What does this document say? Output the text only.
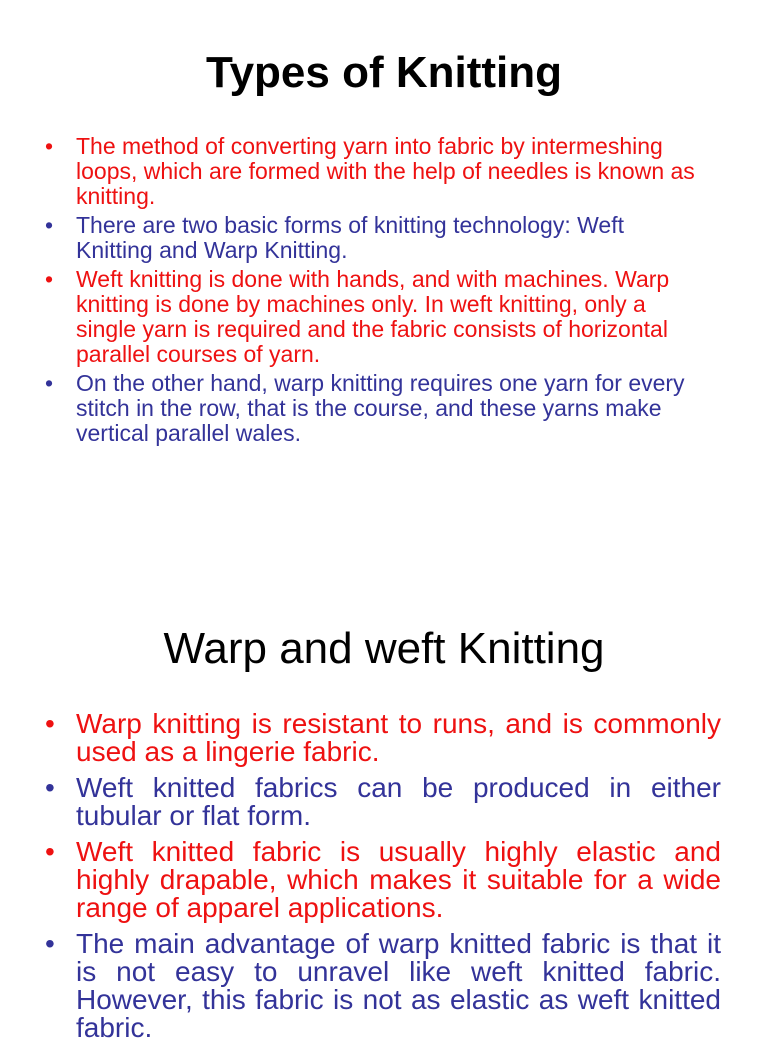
Types of Knitting
• The method of converting yarn into fabric by intermeshing loops, which are formed with the help of needles is known as knitting.
• There are two basic forms of knitting technology: Weft Knitting and Warp Knitting.
• Weft knitting is done with hands, and with machines. Warp knitting is done by machines only. In weft knitting, only a single yarn is required and the fabric consists of horizontal parallel courses of yarn.
• On the other hand, warp knitting requires one yarn for every stitch in the row, that is the course, and these yarns make vertical parallel wales.
Warp and weft Knitting
• Warp knitting is resistant to runs, and is commonly used as a lingerie fabric.
• Weft knitted fabrics can be produced in either tubular or flat form.
• Weft knitted fabric is usually highly elastic and highly drapable, which makes it suitable for a wide range of apparel applications.
• The main advantage of warp knitted fabric is that it is not easy to unravel like weft knitted fabric. However, this fabric is not as elastic as weft knitted fabric.
